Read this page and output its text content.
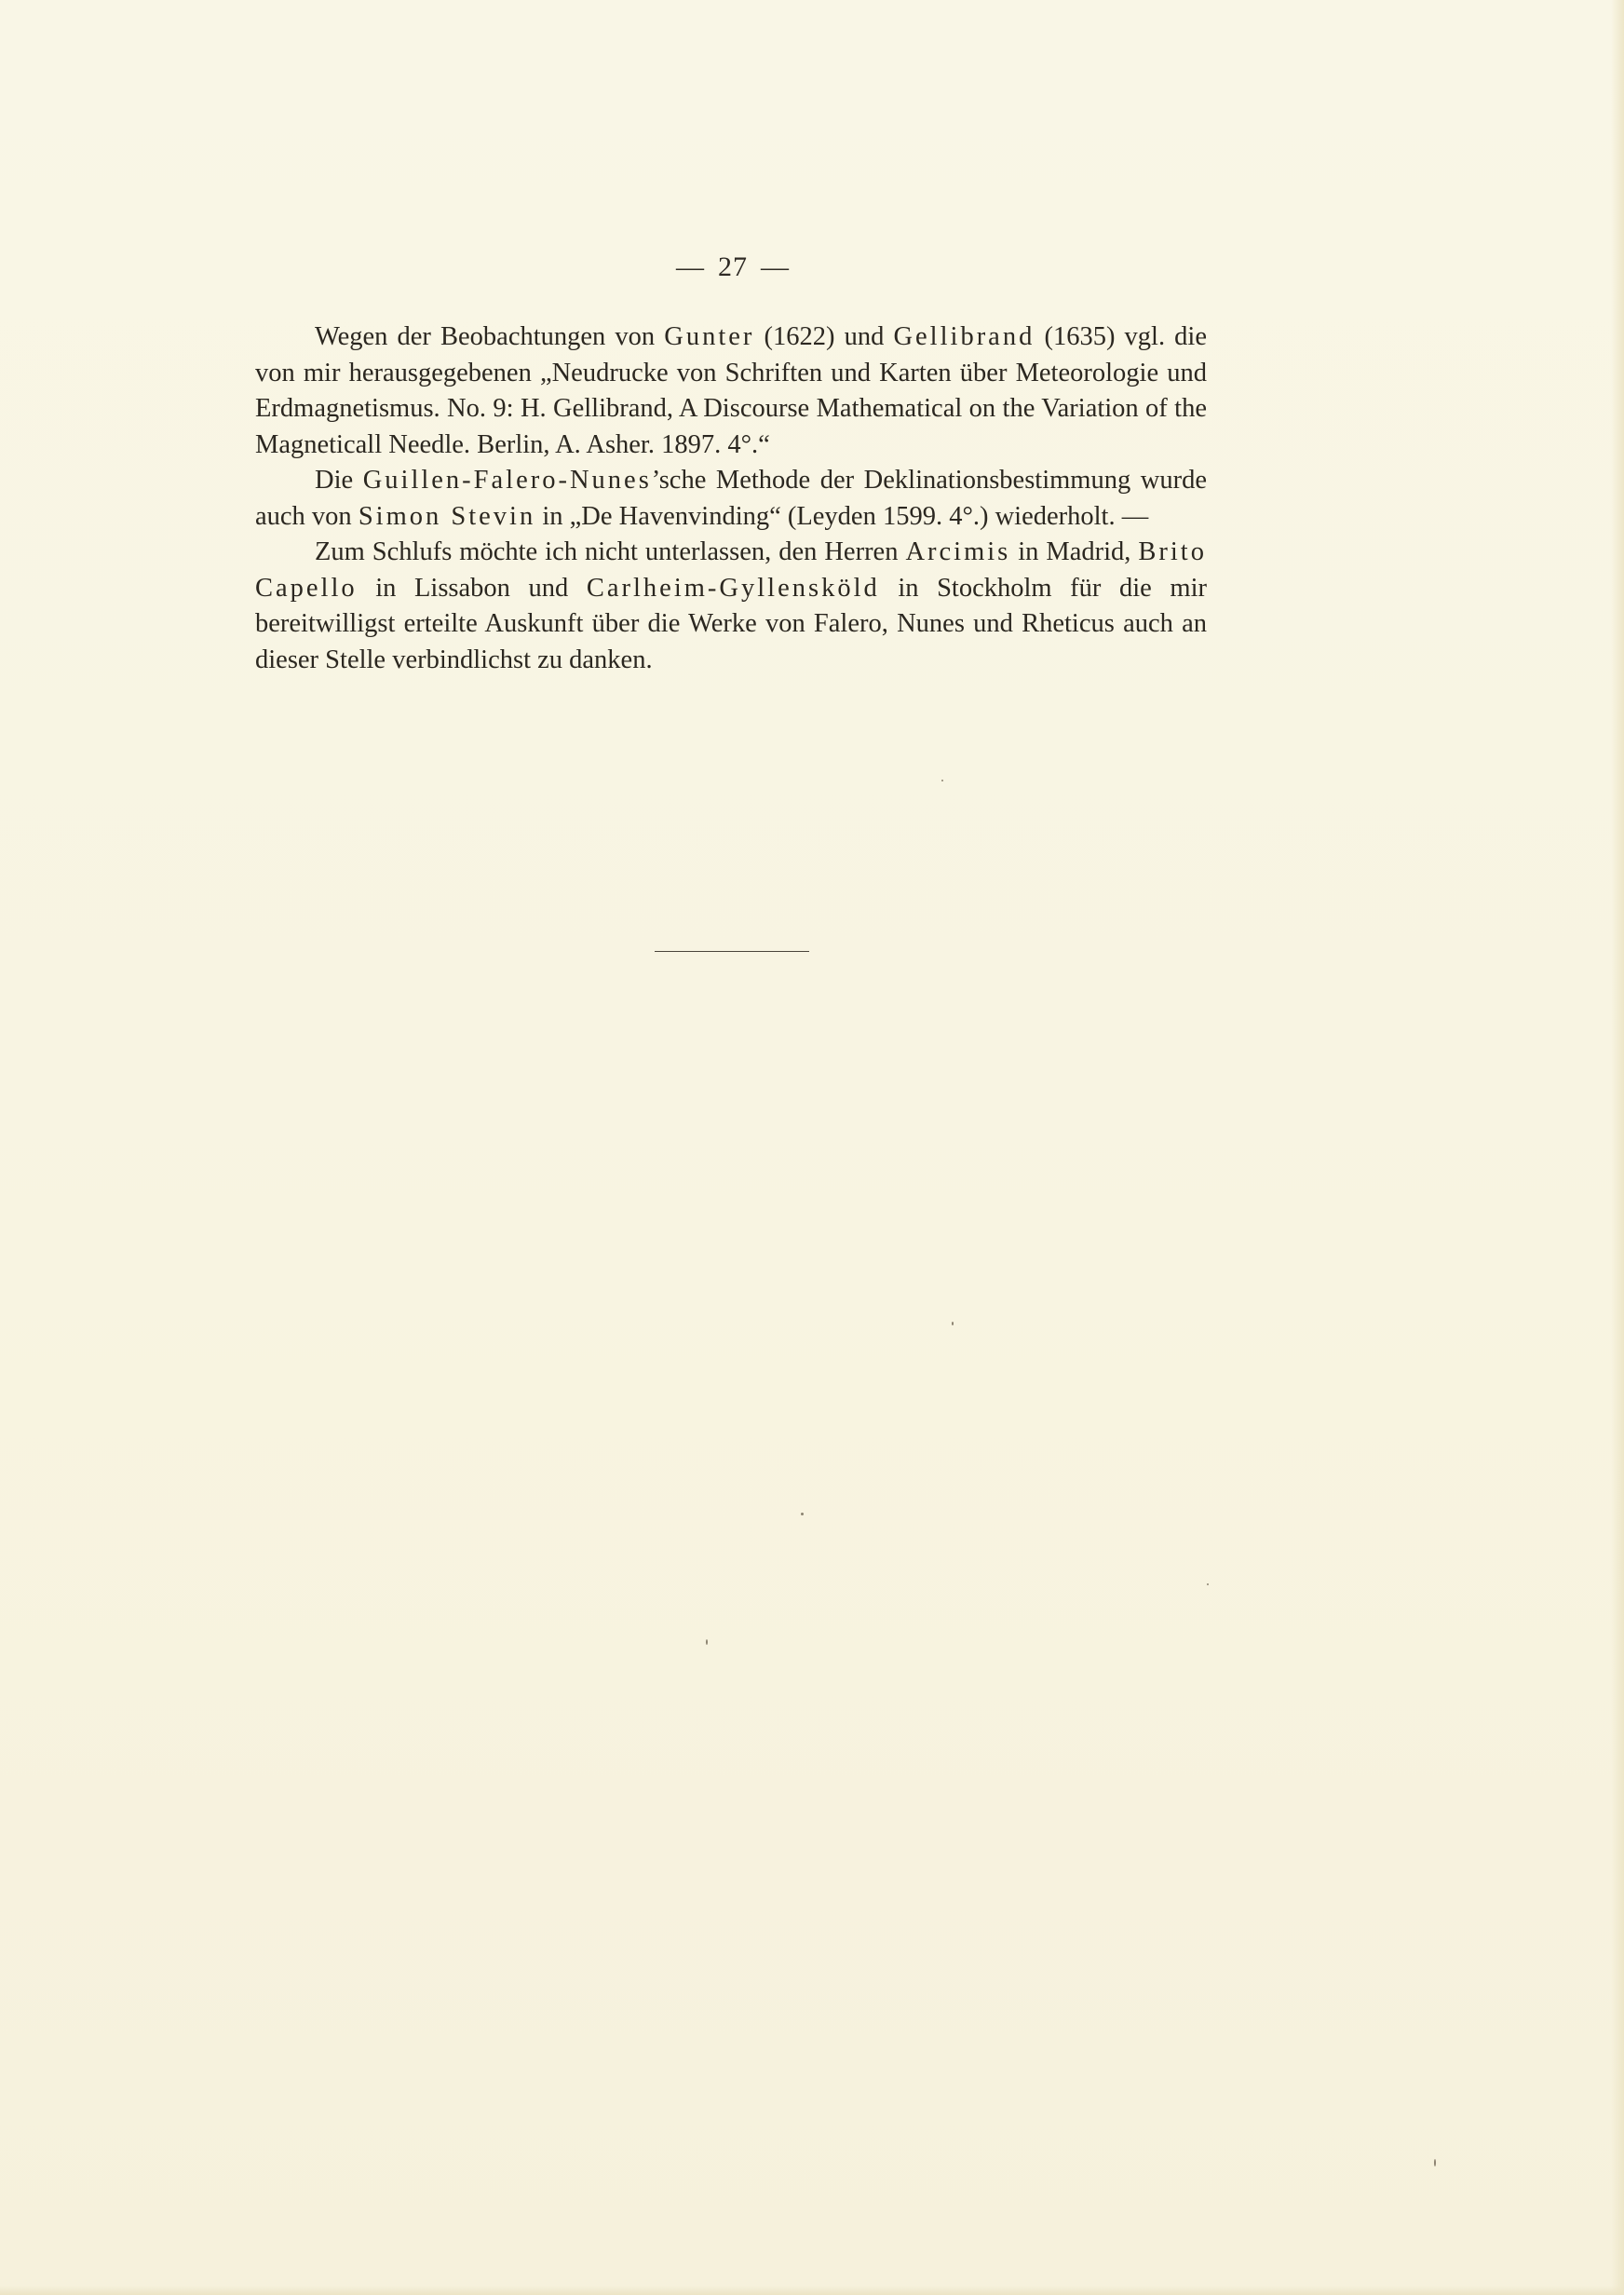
— 27 —

Wegen der Beobachtungen von Gunter (1622) und Gellibrand (1635) vgl. die von mir herausgegebenen „Neudrucke von Schriften und Karten über Meteorologie und Erdmagnetismus. No. 9: H. Gellibrand, A Discourse Mathematical on the Variation of the Magneticall Needle. Berlin, A. Asher. 1897. 4°.“

Die Guillen-Falero-Nunes’sche Methode der Deklinationsbestimmung wurde auch von Simon Stevin in „De Havenvinding“ (Leyden 1599. 4°.) wiederholt. —

Zum Schlufs möchte ich nicht unterlassen, den Herren Arcimis in Madrid, Brito Capello in Lissabon und Carlheim-Gyllensköld in Stockholm für die mir bereitwilligst erteilte Auskunft über die Werke von Falero, Nunes und Rheticus auch an dieser Stelle verbindlichst zu danken.
